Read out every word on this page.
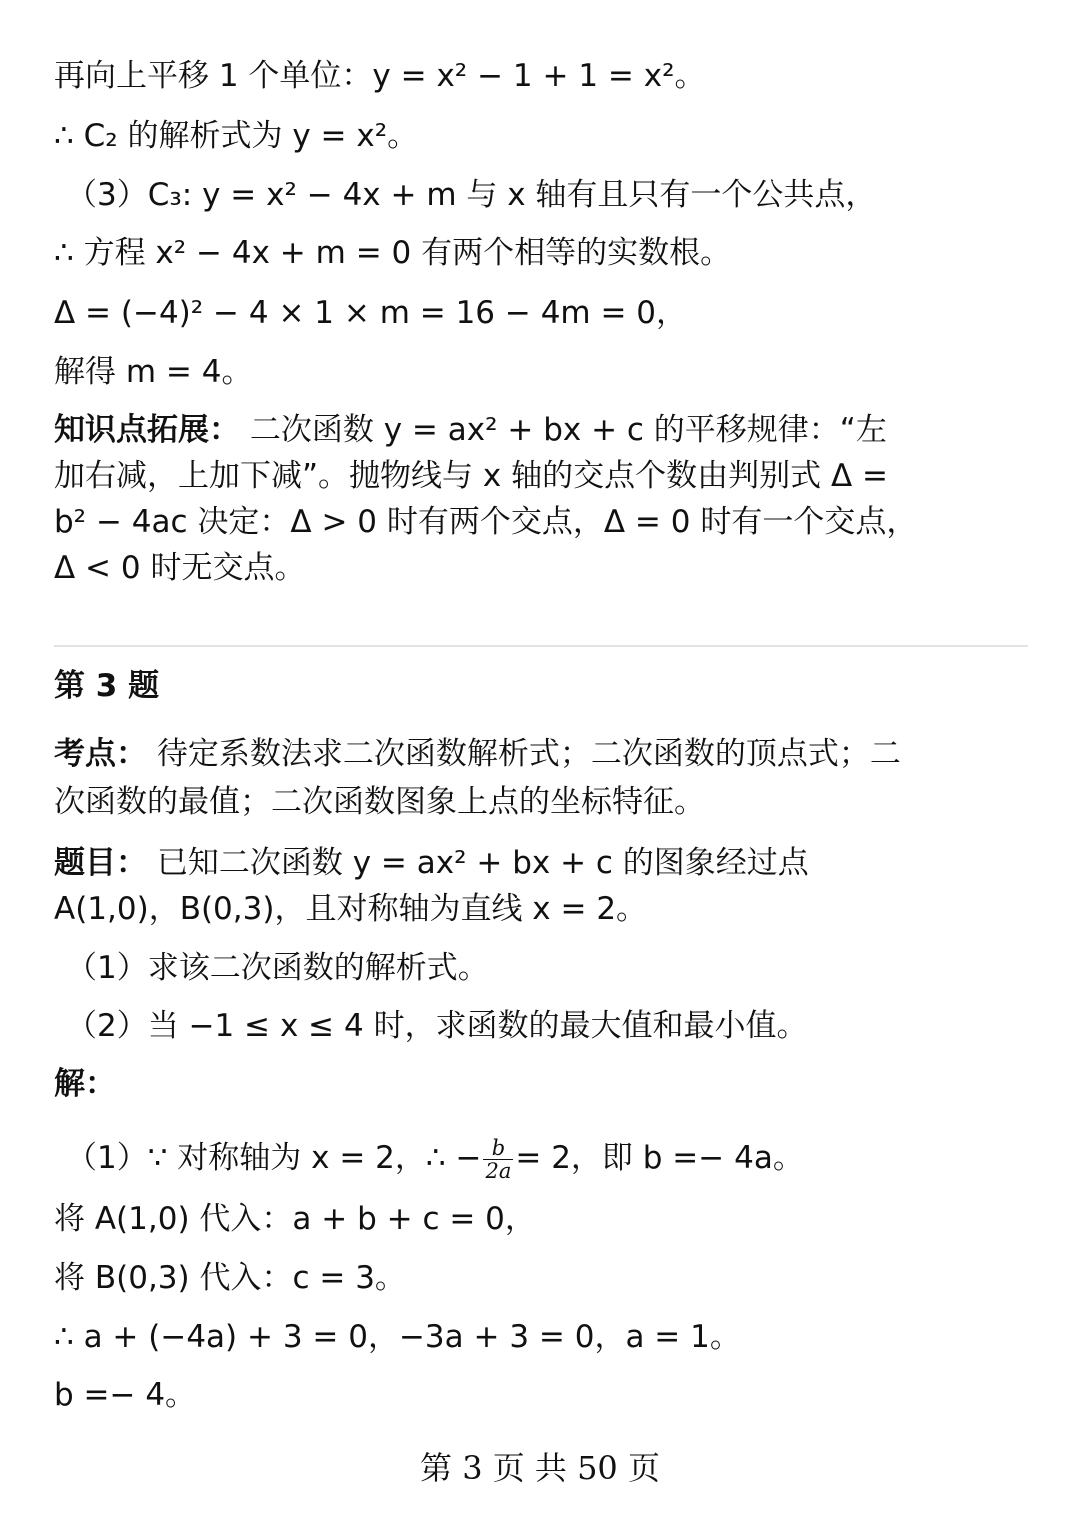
再向上平移 1 个单位：y = x² − 1 + 1 = x²。
∴ C₂ 的解析式为 y = x²。
（3）C₃: y = x² − 4x + m 与 x 轴有且只有一个公共点，
∴ 方程 x² − 4x + m = 0 有两个相等的实数根。
Δ = (−4)² − 4 × 1 × m = 16 − 4m = 0，
解得 m = 4。
知识点拓展： 二次函数 y = ax² + bx + c 的平移规律：“左
加右减，上加下减”。抛物线与 x 轴的交点个数由判别式 Δ =
b² − 4ac 决定：Δ > 0 时有两个交点，Δ = 0 时有一个交点，
Δ < 0 时无交点。
第 3 题
考点： 待定系数法求二次函数解析式；二次函数的顶点式；二
次函数的最值；二次函数图象上点的坐标特征。
题目： 已知二次函数 y = ax² + bx + c 的图象经过点
A(1,0)，B(0,3)，且对称轴为直线 x = 2。
（1）求该二次函数的解析式。
（2）当 −1 ≤ x ≤ 4 时，求函数的最大值和最小值。
解：
（1）∵ 对称轴为 x = 2，∴ − $\frac{b}{2a} = 2$，即 b =− 4a。
将 A(1,0) 代入：a + b + c = 0，
将 B(0,3) 代入：c = 3。
∴ a + (−4a) + 3 = 0，−3a + 3 = 0，a = 1。
b =− 4。
第 3 页 共 50 页
